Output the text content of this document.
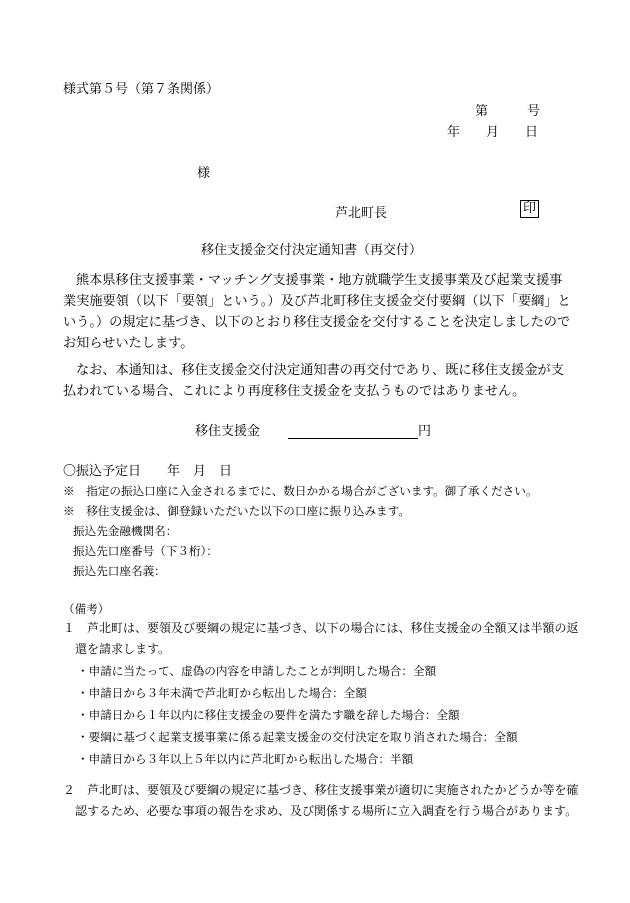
様式第５号（第７条関係）
第　　　号
年　　月　　日
様
芦北町長	印
移住支援金交付決定通知書（再交付）
熊本県移住支援事業・マッチング支援事業・地方就職学生支援事業及び起業支援事業実施要領（以下「要領」という。）及び芦北町移住支援金交付要綱（以下「要綱」という。）の規定に基づき、以下のとおり移住支援金を交付することを決定しましたのでお知らせいたします。
なお、本通知は、移住支援金交付決定通知書の再交付であり、既に移住支援金が支払われている場合、これにより再度移住支援金を支払うものではありません。
移住支援金	円
〇振込予定日　　年　月　日
※　指定の振込口座に入金されるまでに、数日かかる場合がございます。御了承ください。
※　移住支援金は、御登録いただいた以下の口座に振り込みます。
振込先金融機関名：
振込先口座番号（下３桁）：
振込先口座名義：
（備考）
１　芦北町は、要領及び要綱の規定に基づき、以下の場合には、移住支援金の全額又は半額の返還を請求します。
・申請に当たって、虚偽の内容を申請したことが判明した場合：全額
・申請日から３年未満で芦北町から転出した場合：全額
・申請日から１年以内に移住支援金の要件を満たす職を辞した場合：全額
・要綱に基づく起業支援事業に係る起業支援金の交付決定を取り消された場合：全額
・申請日から３年以上５年以内に芦北町から転出した場合：半額
２　芦北町は、要領及び要綱の規定に基づき、移住支援事業が適切に実施されたかどうか等を確認するため、必要な事項の報告を求め、及び関係する場所に立入調査を行う場合があります。
